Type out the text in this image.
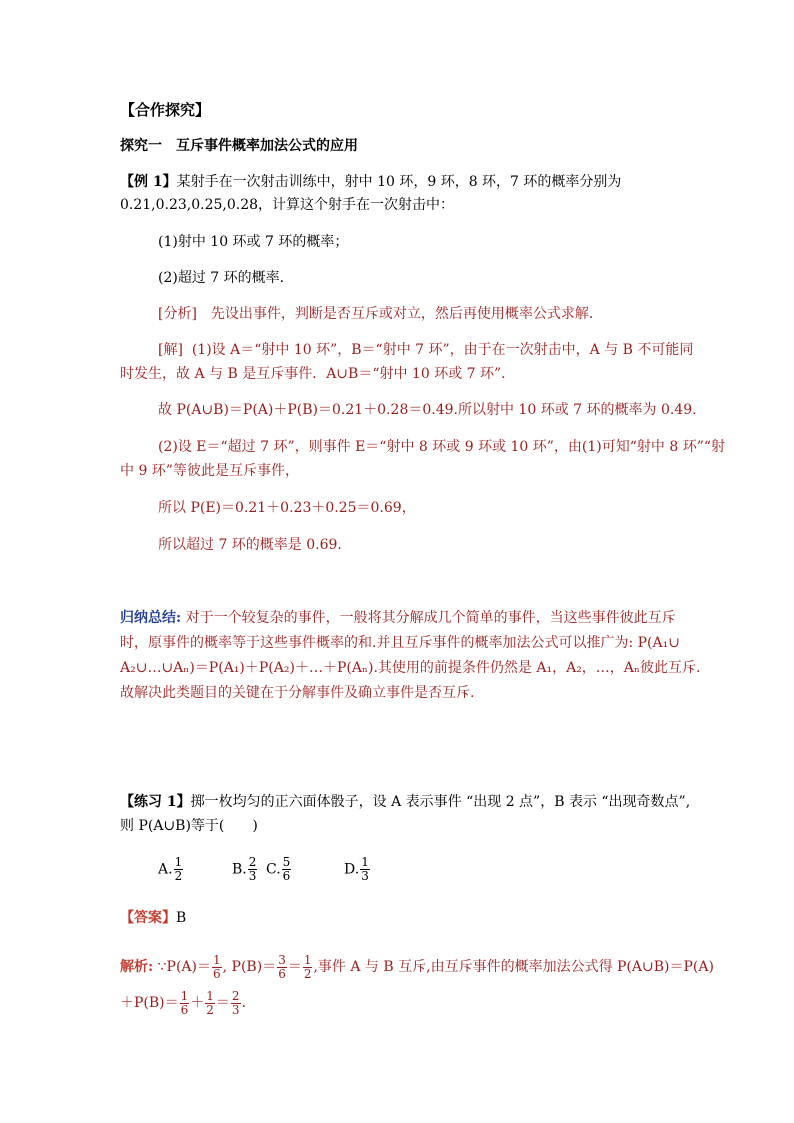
【合作探究】
探究一　互斥事件概率加法公式的应用
【例 1】某射手在一次射击训练中，射中 10 环，9 环，8 环，7 环的概率分别为
0.21,0.23,0.25,0.28，计算这个射手在一次射击中：
(1)射中 10 环或 7 环的概率；
(2)超过 7 环的概率．
[分析]　先设出事件，判断是否互斥或对立，然后再使用概率公式求解．
[解] (1)设 A＝“射中 10 环”，B＝“射中 7 环”，由于在一次射击中，A 与 B 不可能同
时发生，故 A 与 B 是互斥事件．A∪B＝“射中 10 环或 7 环”．
故 P(A∪B)＝P(A)＋P(B)＝0.21＋0.28＝0.49.所以射中 10 环或 7 环的概率为 0.49.
(2)设 E＝“超过 7 环”，则事件 E＝“射中 8 环或 9 环或 10 环”，由(1)可知“射中 8 环”“射
中 9 环”等彼此是互斥事件，
所以 P(E)＝0.21＋0.23＋0.25＝0.69，
所以超过 7 环的概率是 0.69.
归纳总结: 对于一个较复杂的事件，一般将其分解成几个简单的事件，当这些事件彼此互斥
时，原事件的概率等于这些事件概率的和.并且互斥事件的概率加法公式可以推广为: P(A₁∪
A₂∪…∪Aₙ)＝P(A₁)＋P(A₂)＋…＋P(Aₙ).其使用的前提条件仍然是 A₁，A₂，…，Aₙ彼此互斥.
故解决此类题目的关键在于分解事件及确立事件是否互斥.
【练习 1】掷一枚均匀的正六面体骰子，设 A 表示事件 “出现 2 点”，B 表示 “出现奇数点”,
则 P(A∪B)等于(　　)
A. $\frac{1}{2}$	B. $\frac{2}{3} C$. $\frac{5}{6}$	D. $\frac{1}{3}$
【答案】B
解析: ∵P(A)＝ $\frac{1}{6}$ , $P(B)= \frac{3}{6} = \frac{1}{2}$ ,事件 A 与 B 互斥,由互斥事件的概率加法公式得 P(A∪B)＝P(A)
$+P(B)= \frac{1}{6} + \frac{1}{2} = \frac{2}{3}$ .
